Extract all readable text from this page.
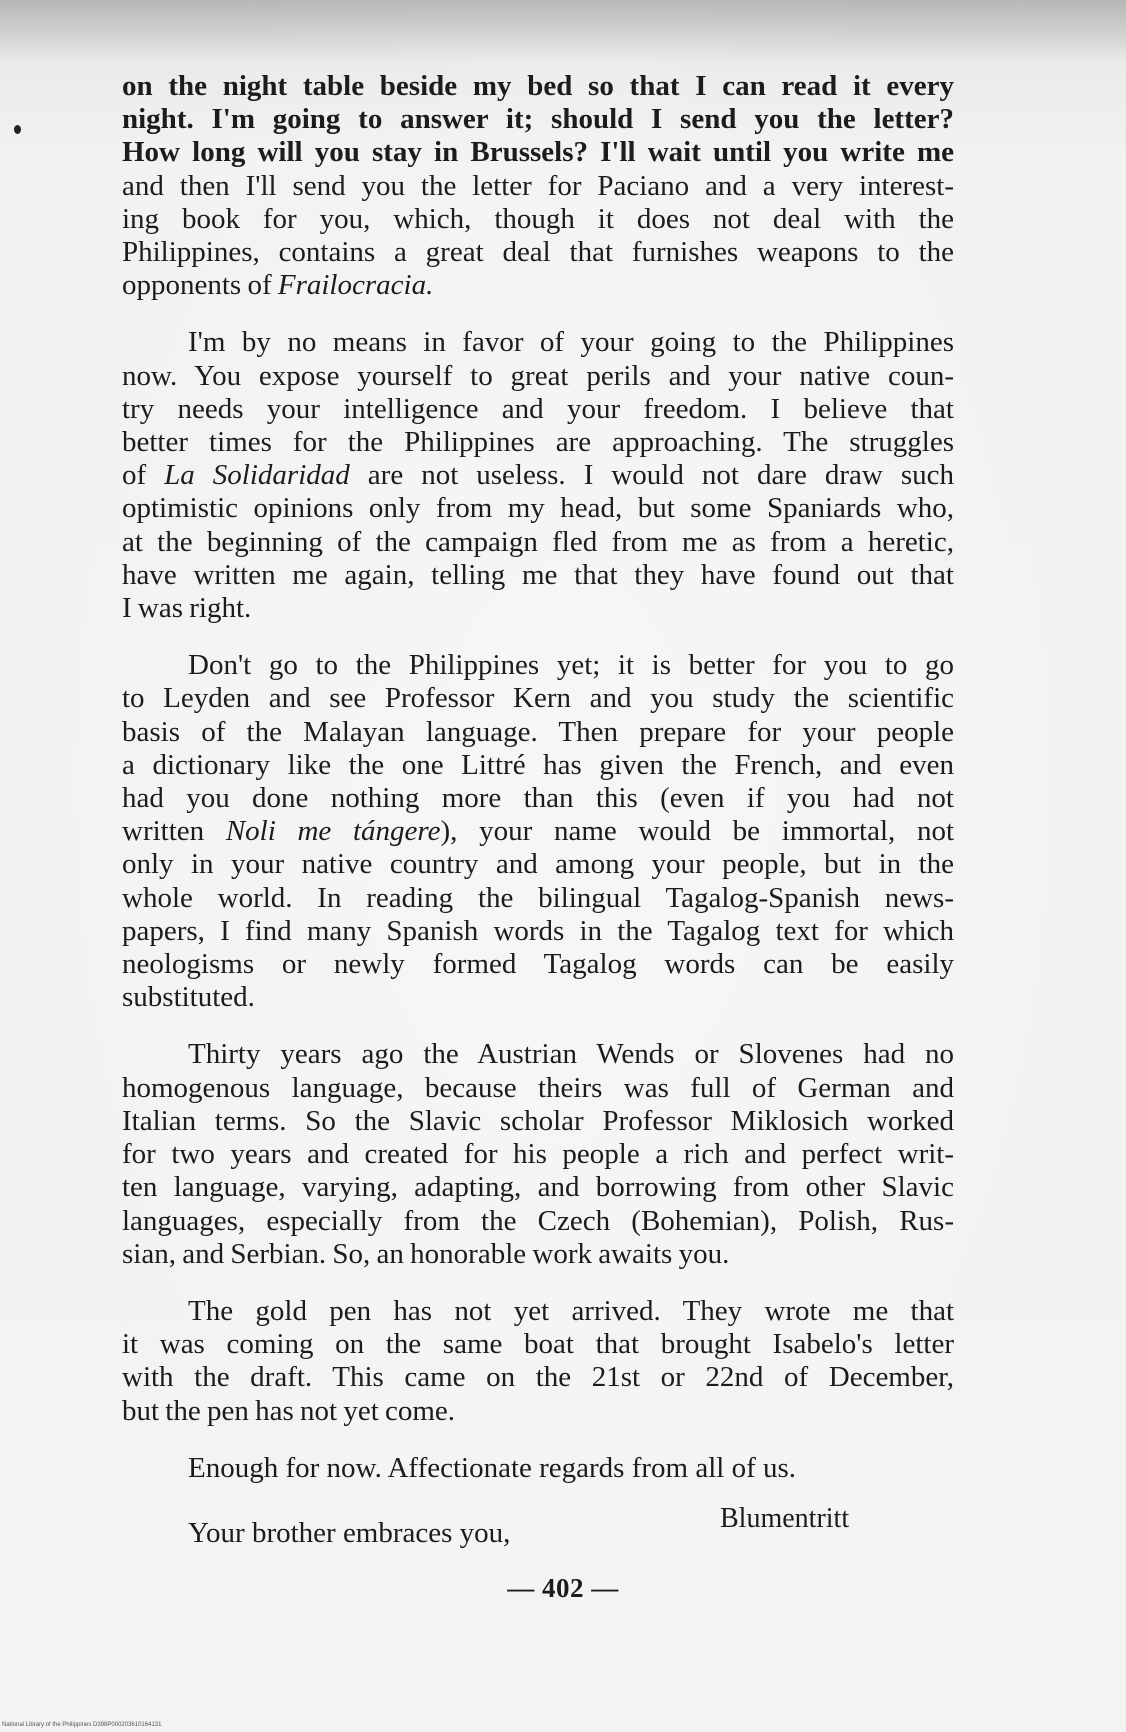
on the night table beside my bed so that I can read it every
night. I'm going to answer it; should I send you the letter?
How long will you stay in Brussels? I'll wait until you write me
and then I'll send you the letter for Paciano and a very interest-
ing book for you, which, though it does not deal with the
Philippines, contains a great deal that furnishes weapons to the
opponents of Frailocracia.
I'm by no means in favor of your going to the Philippines
now. You expose yourself to great perils and your native coun-
try needs your intelligence and your freedom. I believe that
better times for the Philippines are approaching. The struggles
of La Solidaridad are not useless. I would not dare draw such
optimistic opinions only from my head, but some Spaniards who,
at the beginning of the campaign fled from me as from a heretic,
have written me again, telling me that they have found out that
I was right.
Don't go to the Philippines yet; it is better for you to go
to Leyden and see Professor Kern and you study the scientific
basis of the Malayan language. Then prepare for your people
a dictionary like the one Littré has given the French, and even
had you done nothing more than this (even if you had not
written Noli me tángere), your name would be immortal, not
only in your native country and among your people, but in the
whole world. In reading the bilingual Tagalog-Spanish news-
papers, I find many Spanish words in the Tagalog text for which
neologisms or newly formed Tagalog words can be easily
substituted.
Thirty years ago the Austrian Wends or Slovenes had no
homogenous language, because theirs was full of German and
Italian terms. So the Slavic scholar Professor Miklosich worked
for two years and created for his people a rich and perfect writ-
ten language, varying, adapting, and borrowing from other Slavic
languages, especially from the Czech (Bohemian), Polish, Rus-
sian, and Serbian. So, an honorable work awaits you.
The gold pen has not yet arrived. They wrote me that
it was coming on the same boat that brought Isabelo's letter
with the draft. This came on the 21st or 22nd of December,
but the pen has not yet come.

Enough for now. Affectionate regards from all of us.

Your brother embraces you,	Blumentritt
— 402 —
National Library of the Philippines D398P000203610164131
